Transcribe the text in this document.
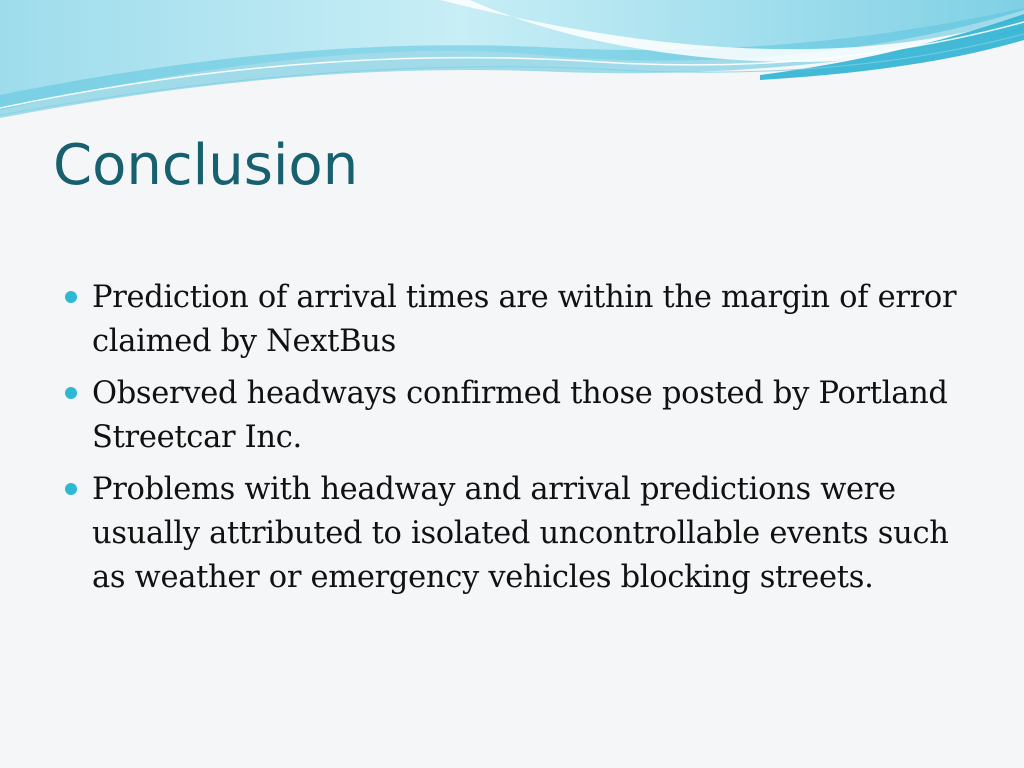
Conclusion
Prediction of arrival times are within the margin of error claimed by NextBus
Observed headways confirmed those posted by Portland Streetcar Inc.
Problems with headway and arrival predictions were usually attributed to isolated uncontrollable events such as weather or emergency vehicles blocking streets.
